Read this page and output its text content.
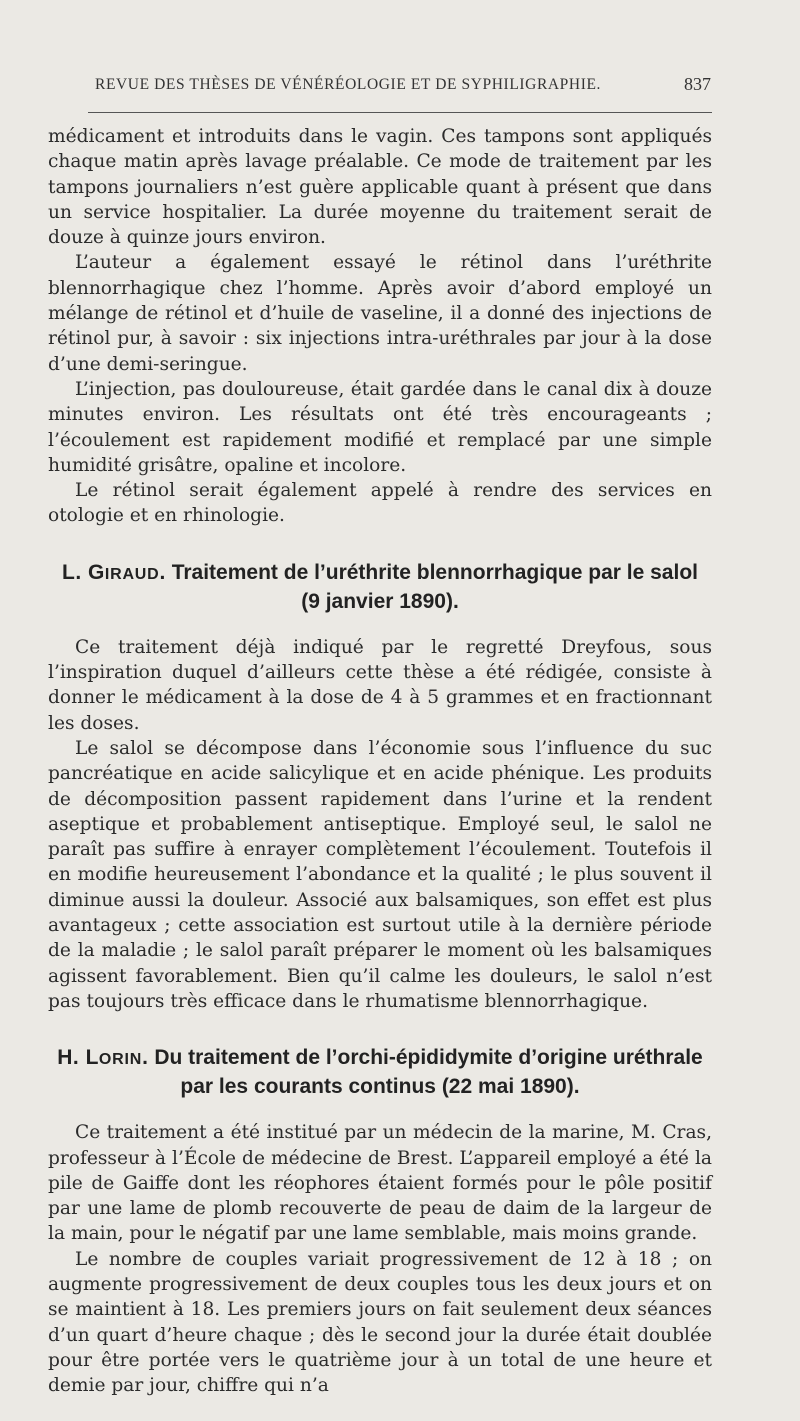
REVUE DES THÈSES DE VÉNÉRÉOLOGIE ET DE SYPHILIGRAPHIE.	837

médicament et introduits dans le vagin. Ces tampons sont appliqués chaque matin après lavage préalable. Ce mode de traitement par les tampons journaliers n’est guère applicable quant à présent que dans un service hospitalier. La durée moyenne du traitement serait de douze à quinze jours environ.

L’auteur a également essayé le rétinol dans l’uréthrite blennorrhagique chez l’homme. Après avoir d’abord employé un mélange de rétinol et d’huile de vaseline, il a donné des injections de rétinol pur, à savoir : six injections intra-uréthrales par jour à la dose d’une demi-seringue.

L’injection, pas douloureuse, était gardée dans le canal dix à douze minutes environ. Les résultats ont été très encourageants ; l’écoulement est rapidement modifié et remplacé par une simple humidité grisâtre, opaline et incolore.

Le rétinol serait également appelé à rendre des services en otologie et en rhinologie.

L. GIRAUD. Traitement de l’uréthrite blennorrhagique par le salol
(9 janvier 1890).

Ce traitement déjà indiqué par le regretté Dreyfous, sous l’inspiration duquel d’ailleurs cette thèse a été rédigée, consiste à donner le médicament à la dose de 4 à 5 grammes et en fractionnant les doses.

Le salol se décompose dans l’économie sous l’influence du suc pancréatique en acide salicylique et en acide phénique. Les produits de décomposition passent rapidement dans l’urine et la rendent aseptique et probablement antiseptique. Employé seul, le salol ne paraît pas suffire à enrayer complètement l’écoulement. Toutefois il en modifie heureusement l’abondance et la qualité ; le plus souvent il diminue aussi la douleur. Associé aux balsamiques, son effet est plus avantageux ; cette association est surtout utile à la dernière période de la maladie ; le salol paraît préparer le moment où les balsamiques agissent favorablement. Bien qu’il calme les douleurs, le salol n’est pas toujours très efficace dans le rhumatisme blennorrhagique.

H. LORIN. Du traitement de l’orchi-épididymite d’origine uréthrale
par les courants continus (22 mai 1890).

Ce traitement a été institué par un médecin de la marine, M. Cras, professeur à l’École de médecine de Brest. L’appareil employé a été la pile de Gaiffe dont les réophores étaient formés pour le pôle positif par une lame de plomb recouverte de peau de daim de la largeur de la main, pour le négatif par une lame semblable, mais moins grande.

Le nombre de couples variait progressivement de 12 à 18 ; on augmente progressivement de deux couples tous les deux jours et on se maintient à 18. Les premiers jours on fait seulement deux séances d’un quart d’heure chaque ; dès le second jour la durée était doublée pour être portée vers le quatrième jour à un total de une heure et demie par jour, chiffre qui n’a
